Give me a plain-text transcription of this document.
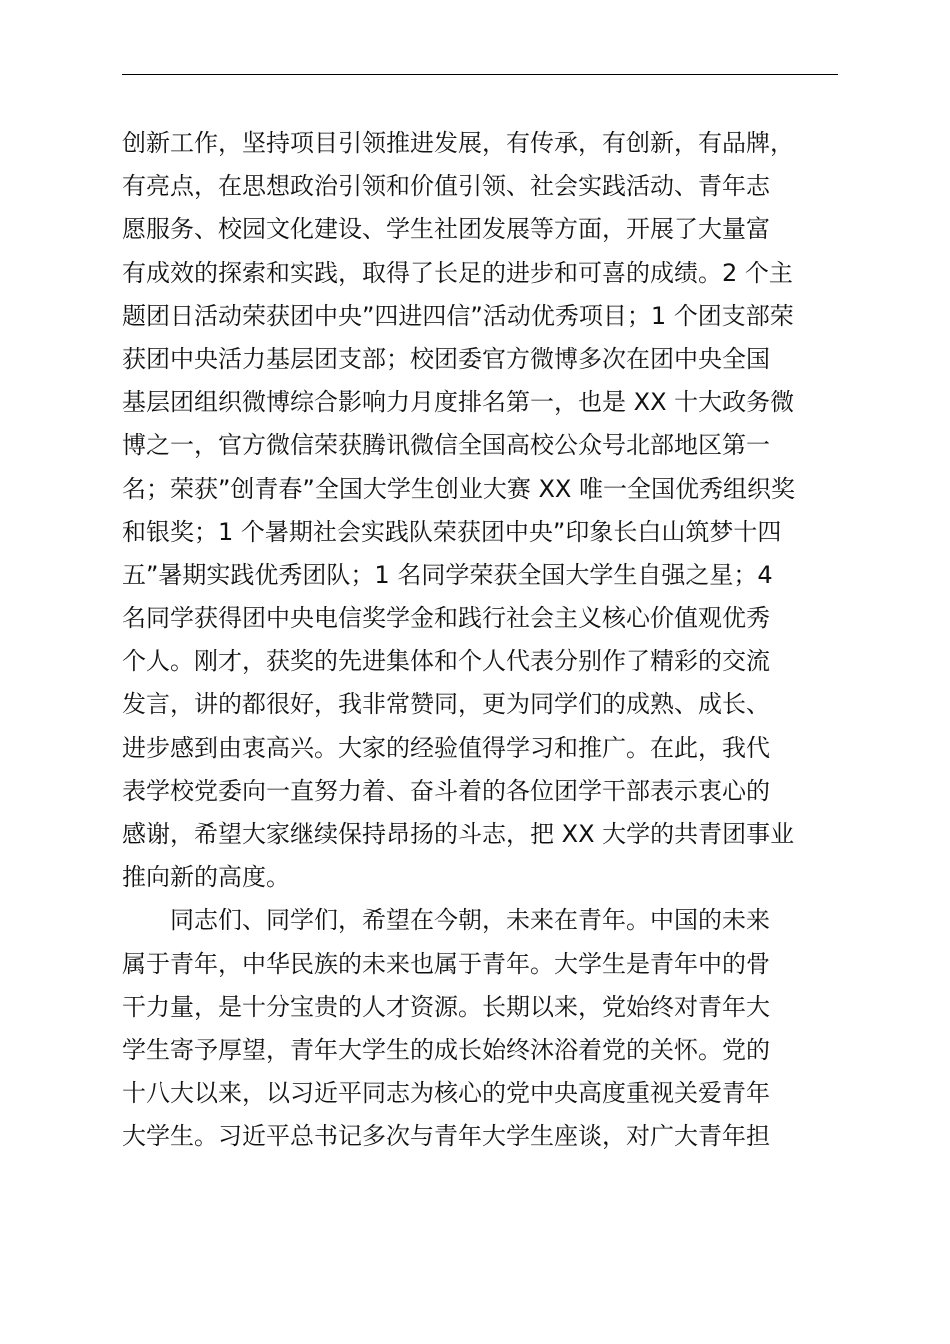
创新工作，坚持项目引领推进发展，有传承，有创新，有品牌，
有亮点，在思想政治引领和价值引领、社会实践活动、青年志
愿服务、校园文化建设、学生社团发展等方面，开展了大量富
有成效的探索和实践，取得了长足的进步和可喜的成绩。2 个主
题团日活动荣获团中央”四进四信”活动优秀项目；1 个团支部荣
获团中央活力基层团支部；校团委官方微博多次在团中央全国
基层团组织微博综合影响力月度排名第一，也是 XX 十大政务微
博之一，官方微信荣获腾讯微信全国高校公众号北部地区第一
名；荣获”创青春”全国大学生创业大赛 XX 唯一全国优秀组织奖
和银奖；1 个暑期社会实践队荣获团中央”印象长白山筑梦十四
五”暑期实践优秀团队；1 名同学荣获全国大学生自强之星；4
名同学获得团中央电信奖学金和践行社会主义核心价值观优秀
个人。刚才，获奖的先进集体和个人代表分别作了精彩的交流
发言，讲的都很好，我非常赞同，更为同学们的成熟、成长、
进步感到由衷高兴。大家的经验值得学习和推广。在此，我代
表学校党委向一直努力着、奋斗着的各位团学干部表示衷心的
感谢，希望大家继续保持昂扬的斗志，把 XX 大学的共青团事业
推向新的高度。
同志们、同学们，希望在今朝，未来在青年。中国的未来
属于青年，中华民族的未来也属于青年。大学生是青年中的骨
干力量，是十分宝贵的人才资源。长期以来，党始终对青年大
学生寄予厚望，青年大学生的成长始终沐浴着党的关怀。党的
十八大以来，以习近平同志为核心的党中央高度重视关爱青年
大学生。习近平总书记多次与青年大学生座谈，对广大青年担
